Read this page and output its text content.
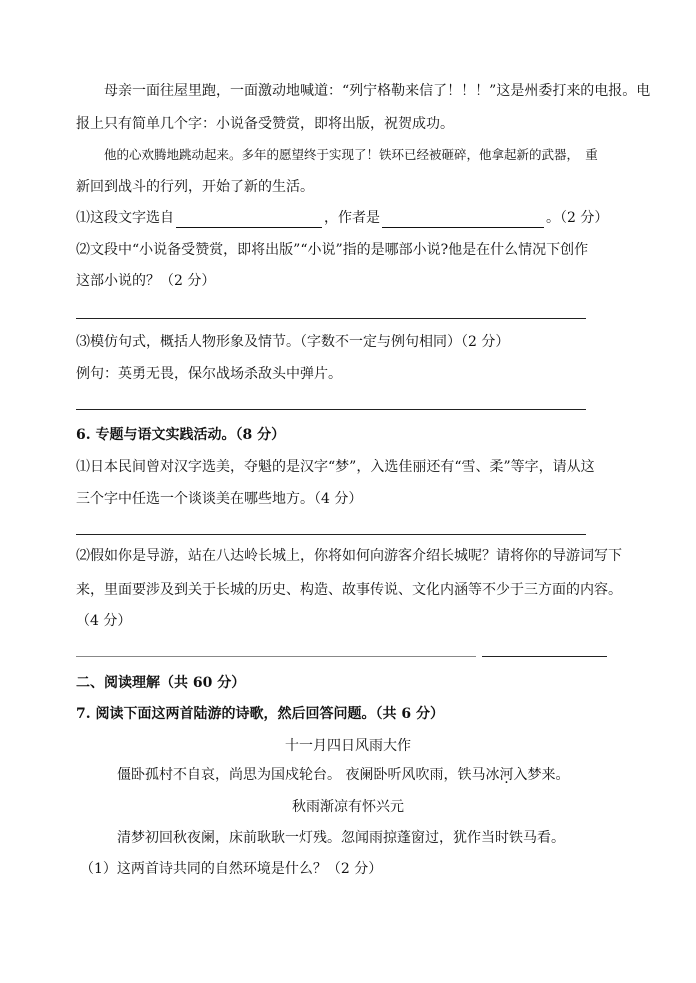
母亲一面往屋里跑，一面激动地喊道：“列宁格勒来信了！！！”这是州委打来的电报。电
报上只有简单几个字：小说备受赞赏，即将出版，祝贺成功。
他的心欢腾地跳动起来。多年的愿望终于实现了！铁环已经被砸碎，他拿起新的武器，　重
新回到战斗的行列，开始了新的生活。
⑴这段文字选自	，作者是	。（2 分）
⑵文段中“小说备受赞赏，即将出版”“小说”指的是哪部小说?他是在什么情况下创作
这部小说的？（2 分）
⑶模仿句式，概括人物形象及情节。（字数不一定与例句相同）（2 分）
例句：英勇无畏，保尔战场杀敌头中弹片。
6. 专题与语文实践活动。（8 分）
⑴日本民间曾对汉字选美，夺魁的是汉字“梦”，入选佳丽还有“雪、柔”等字，请从这
三个字中任选一个谈谈美在哪些地方。（4 分）
⑵假如你是导游，站在八达岭长城上，你将如何向游客介绍长城呢？请将你的导游词写下
来，里面要涉及到关于长城的历史、构造、故事传说、文化内涵等不少于三方面的内容。
（4 分）
二、阅读理解（共 60 分）
7. 阅读下面这两首陆游的诗歌，然后回答问题。（共 6 分）
十一月四日风雨大作
僵卧孤村不自哀，尚思为国戍轮台。 夜阑卧听风吹雨，铁马冰河入梦来 ·。
秋雨渐凉有怀兴元
清梦初回秋夜阑，床前耿耿一灯残。忽闻雨掠蓬窗过，犹作当时铁马看。
（1）这两首诗共同的自然环境是什么？（2 分）
